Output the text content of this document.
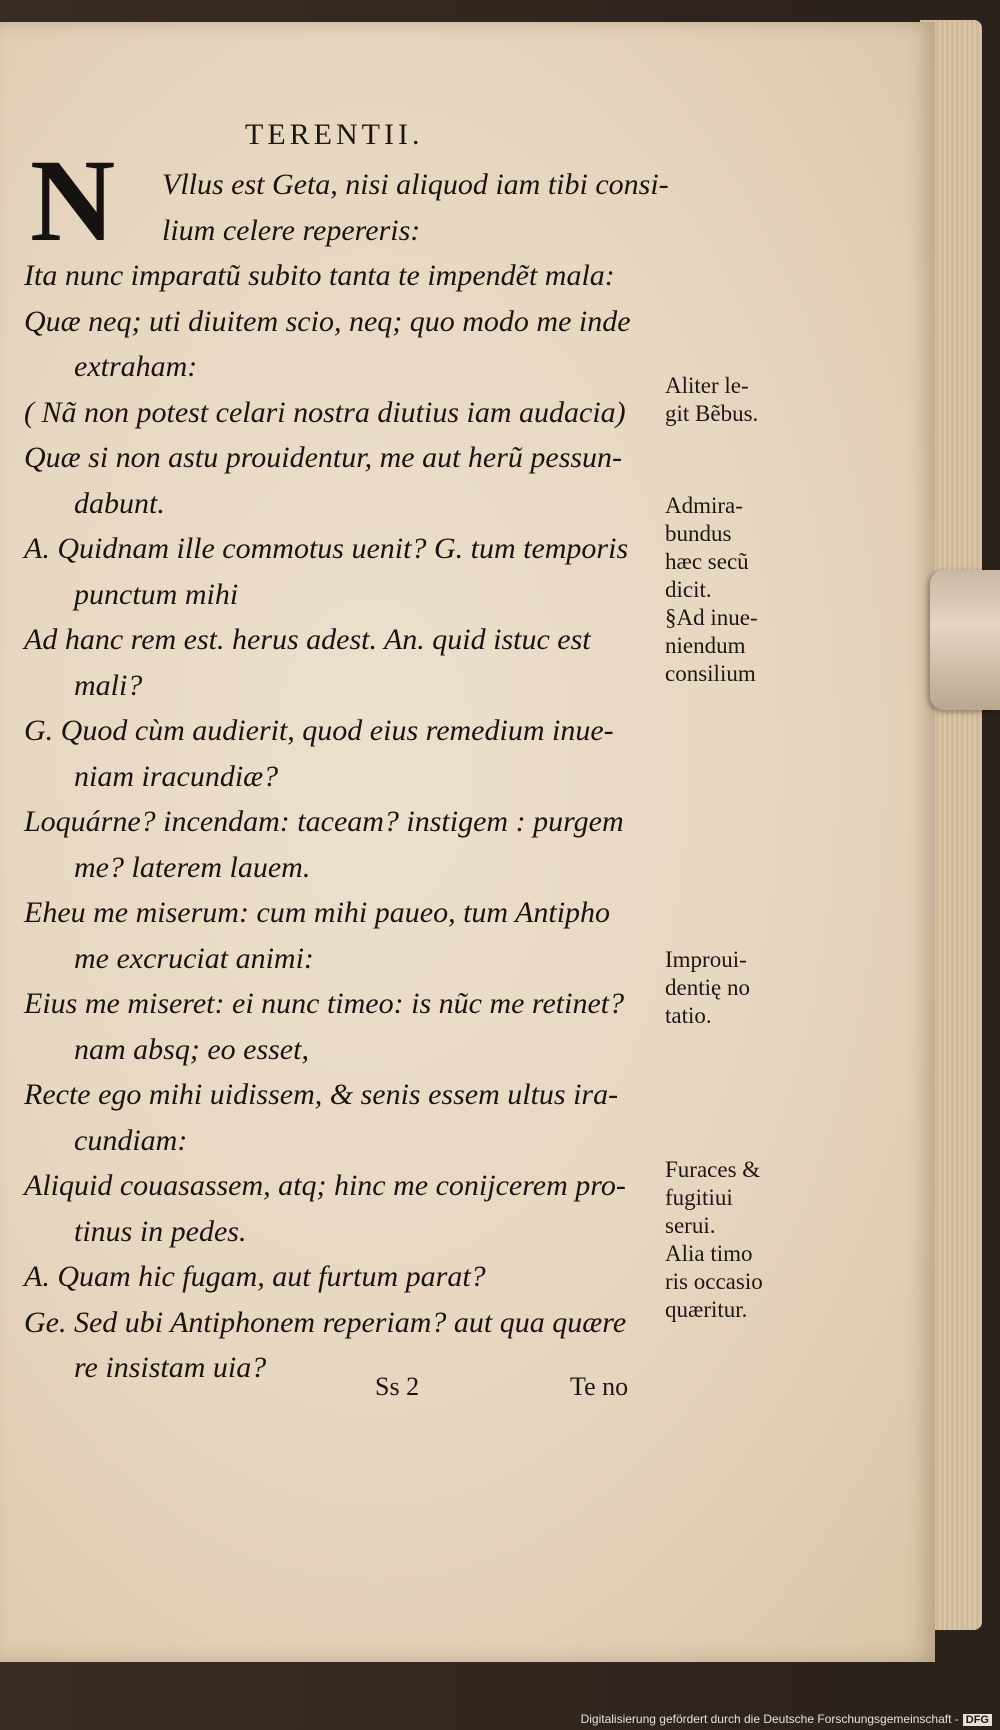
TERENTII.
N	Vllus est Geta, nisi aliquod iam tibi consi-
lium celere repereris:
Ita nunc imparatũ subito tanta te impendẽt mala:
Quæ neq; uti diuitem scio, neq; quo modo me inde
extraham:
( Nã non potest celari nostra diutius iam audacia)
Quæ si non astu prouidentur, me aut herũ pessun-
dabunt.
A. Quidnam ille commotus uenit? G. tum temporis
punctum mihi
Ad hanc rem est. herus adest. An. quid istuc est
mali?
G. Quod cùm audierit, quod eius remedium inue-
niam iracundiæ?
Loquárne? incendam: taceam? instigem : purgem
me? laterem lauem.
Eheu me miserum: cum mihi paueo, tum Antipho
me excruciat animi:
Eius me miseret: ei nunc timeo: is nũc me retinet?
nam absq; eo esset,
Recte ego mihi uidissem, & senis essem ultus ira-
cundiam:
Aliquid couasassem, atq; hinc me conijcerem pro-
tinus in pedes.
A. Quam hic fugam, aut furtum parat?
Ge. Sed ubi Antiphonem reperiam? aut qua quære
re insistam uia?
Aliter le-
git Bẽbus.
Admira-
bundus
hæc secũ
dicit.
§Ad inue-
niendum
consilium
Improui-
dentię no
tatio.
Furaces &
fugitiui
serui.
Alia timo
ris occasio
quæritur.
Ss 2	Te no
Digitalisierung gefördert durch die Deutsche Forschungsgemeinschaft - DFG
